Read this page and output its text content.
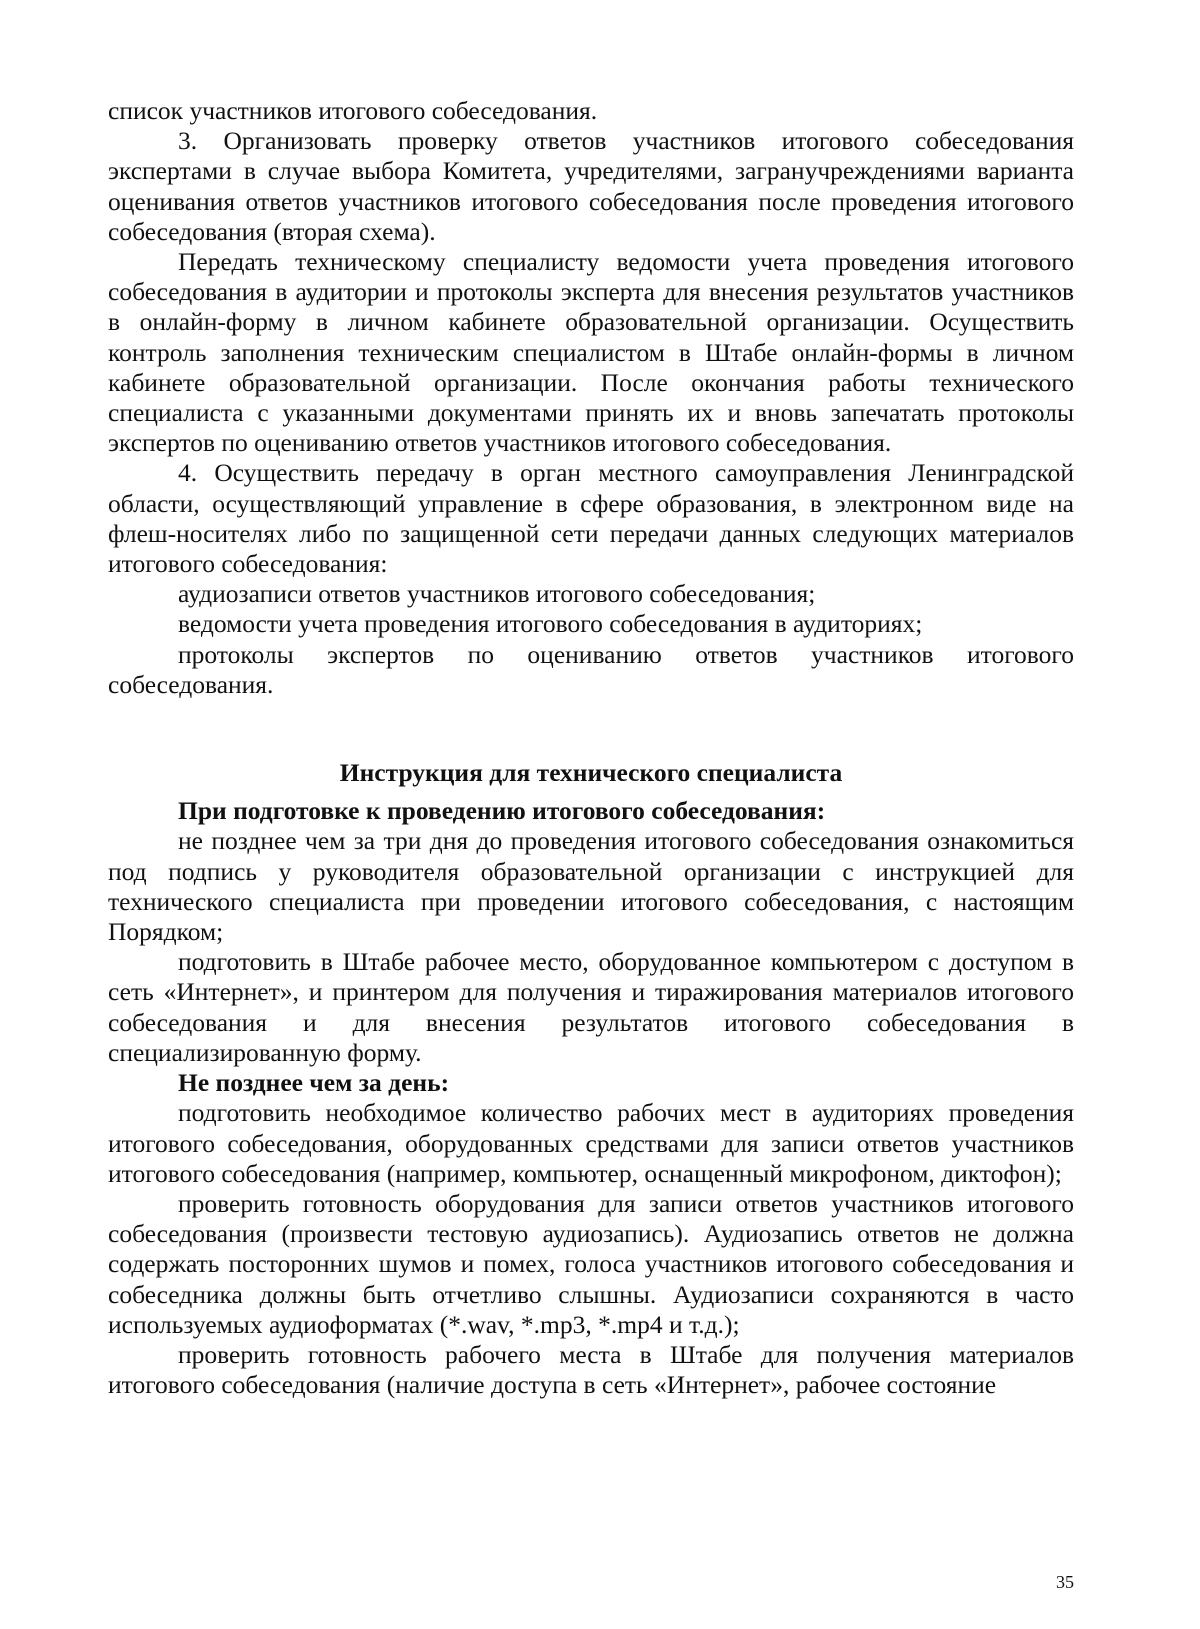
список участников итогового собеседования.

3. Организовать проверку ответов участников итогового собеседования экспертами в случае выбора Комитета, учредителями, загранучреждениями варианта оценивания ответов участников итогового собеседования после проведения итогового собеседования (вторая схема).

Передать техническому специалисту ведомости учета проведения итогового собеседования в аудитории и протоколы эксперта для внесения результатов участников в онлайн-форму в личном кабинете образовательной организации. Осуществить контроль заполнения техническим специалистом в Штабе онлайн-формы в личном кабинете образовательной организации. После окончания работы технического специалиста с указанными документами принять их и вновь запечатать протоколы экспертов по оцениванию ответов участников итогового собеседования.

4. Осуществить передачу в орган местного самоуправления Ленинградской области, осуществляющий управление в сфере образования, в электронном виде на флеш-носителях либо по защищенной сети передачи данных следующих материалов итогового собеседования:

аудиозаписи ответов участников итогового собеседования;

ведомости учета проведения итогового собеседования в аудиториях;

протоколы экспертов по оцениванию ответов участников итогового собеседования.

Инструкция для технического специалиста

При подготовке к проведению итогового собеседования:

не позднее чем за три дня до проведения итогового собеседования ознакомиться под подпись у руководителя образовательной организации с инструкцией для технического специалиста при проведении итогового собеседования, с настоящим Порядком;

подготовить в Штабе рабочее место, оборудованное компьютером с доступом в сеть «Интернет», и принтером для получения и тиражирования материалов итогового собеседования и для внесения результатов итогового собеседования в специализированную форму.

Не позднее чем за день:

подготовить необходимое количество рабочих мест в аудиториях проведения итогового собеседования, оборудованных средствами для записи ответов участников итогового собеседования (например, компьютер, оснащенный микрофоном, диктофон);

проверить готовность оборудования для записи ответов участников итогового собеседования (произвести тестовую аудиозапись). Аудиозапись ответов не должна содержать посторонних шумов и помех, голоса участников итогового собеседования и собеседника должны быть отчетливо слышны. Аудиозаписи сохраняются в часто используемых аудиоформатах (*.wav, *.mp3, *.mp4 и т.д.);

проверить готовность рабочего места в Штабе для получения материалов итогового собеседования (наличие доступа в сеть «Интернет», рабочее состояние

35
